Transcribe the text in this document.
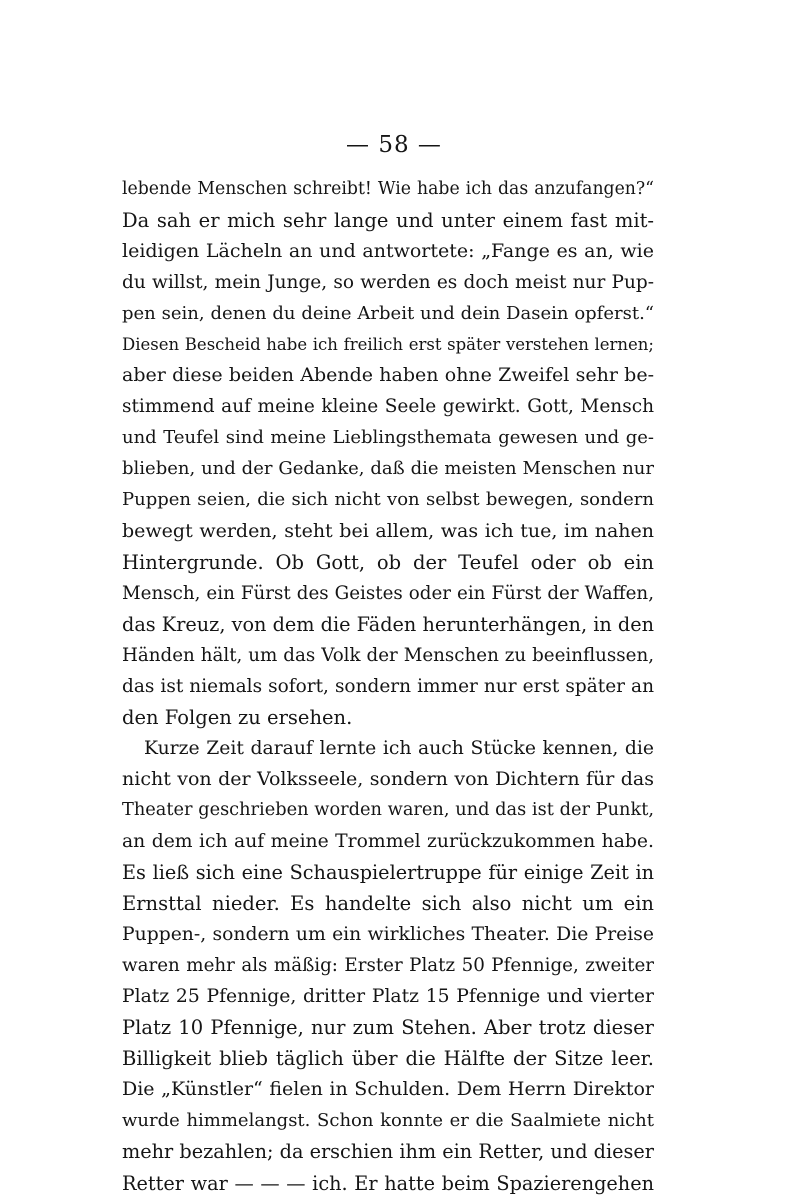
— 58 —
lebende Menschen schreibt! Wie habe ich das anzufangen?“
Da sah er mich sehr lange und unter einem fast mit-
leidigen Lächeln an und antwortete: „Fange es an, wie
du willst, mein Junge, so werden es doch meist nur Pup-
pen sein, denen du deine Arbeit und dein Dasein opferst.“
Diesen Bescheid habe ich freilich erst später verstehen lernen;
aber diese beiden Abende haben ohne Zweifel sehr be-
stimmend auf meine kleine Seele gewirkt. Gott, Mensch
und Teufel sind meine Lieblingsthemata gewesen und ge-
blieben, und der Gedanke, daß die meisten Menschen nur
Puppen seien, die sich nicht von selbst bewegen, sondern
bewegt werden, steht bei allem, was ich tue, im nahen
Hintergrunde. Ob Gott, ob der Teufel oder ob ein
Mensch, ein Fürst des Geistes oder ein Fürst der Waffen,
das Kreuz, von dem die Fäden herunterhängen, in den
Händen hält, um das Volk der Menschen zu beeinflussen,
das ist niemals sofort, sondern immer nur erst später an
den Folgen zu ersehen.
Kurze Zeit darauf lernte ich auch Stücke kennen, die
nicht von der Volksseele, sondern von Dichtern für das
Theater geschrieben worden waren, und das ist der Punkt,
an dem ich auf meine Trommel zurückzukommen habe.
Es ließ sich eine Schauspielertruppe für einige Zeit in
Ernsttal nieder. Es handelte sich also nicht um ein
Puppen-, sondern um ein wirkliches Theater. Die Preise
waren mehr als mäßig: Erster Platz 50 Pfennige, zweiter
Platz 25 Pfennige, dritter Platz 15 Pfennige und vierter
Platz 10 Pfennige, nur zum Stehen. Aber trotz dieser
Billigkeit blieb täglich über die Hälfte der Sitze leer.
Die „Künstler“ fielen in Schulden. Dem Herrn Direktor
wurde himmelangst. Schon konnte er die Saalmiete nicht
mehr bezahlen; da erschien ihm ein Retter, und dieser
Retter war — — — ich. Er hatte beim Spazierengehen
